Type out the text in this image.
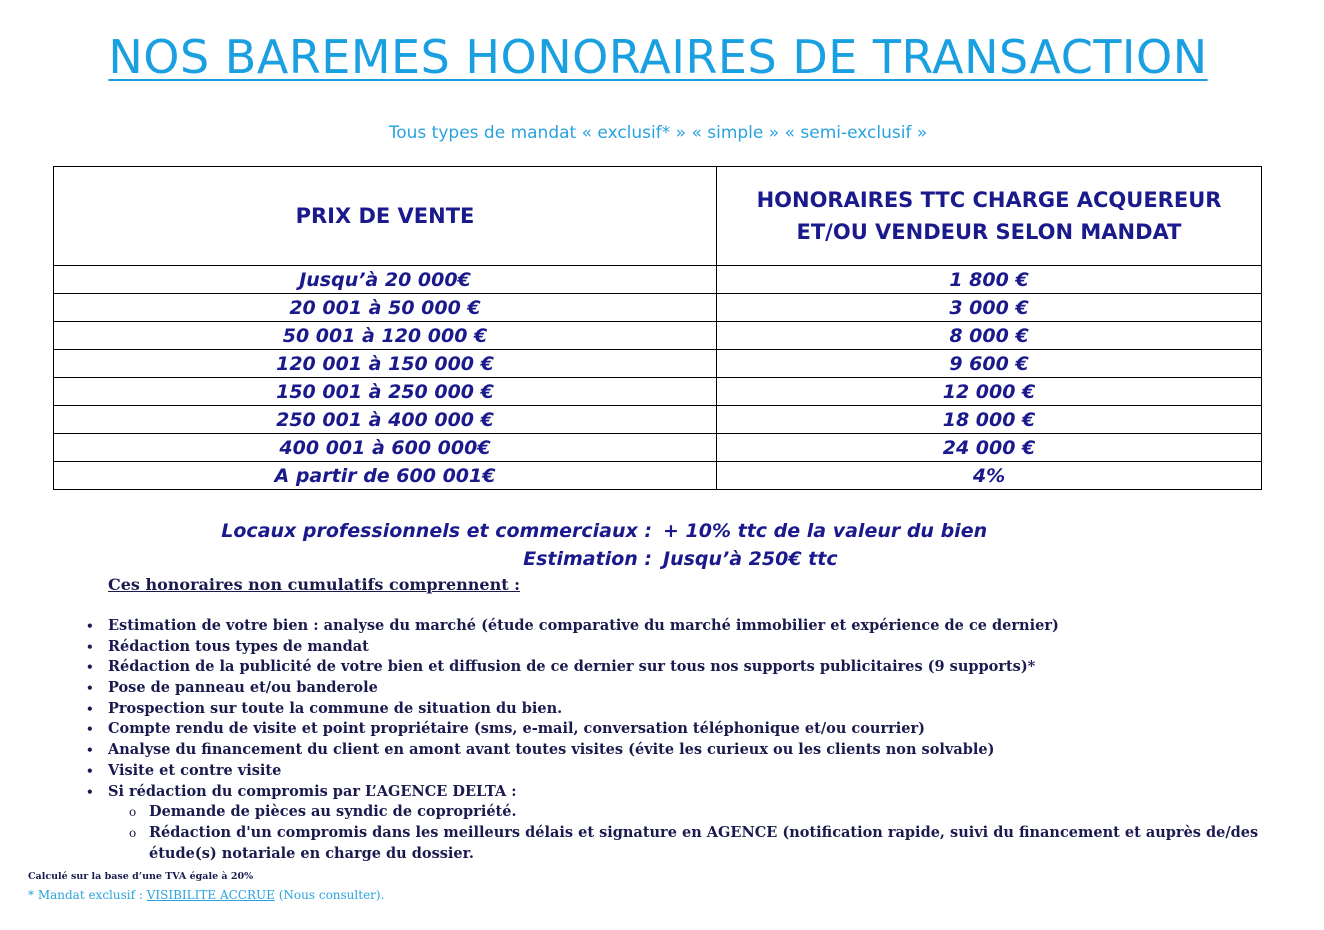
NOS BAREMES HONORAIRES DE TRANSACTION
Tous types de mandat « exclusif* » « simple » « semi-exclusif »
PRIX DE VENTE	HONORAIRES TTC CHARGE ACQUEREUR ET/OU VENDEUR SELON MANDAT
Jusqu’à 20 000€	1 800 €
20 001 à 50 000 €	3 000 €
50 001 à 120 000 €	8 000 €
120 001 à 150 000 €	9 600 €
150 001 à 250 000 €	12 000 €
250 001 à 400 000 €	18 000 €
400 001 à 600 000€	24 000 €
A partir de 600 001€	4%
Locaux professionnels et commerciaux : + 10% ttc de la valeur du bien
Estimation : Jusqu’à 250€ ttc
Ces honoraires non cumulatifs comprennent :
• Estimation de votre bien : analyse du marché (étude comparative du marché immobilier et expérience de ce dernier)
• Rédaction tous types de mandat
• Rédaction de la publicité de votre bien et diffusion de ce dernier sur tous nos supports publicitaires (9 supports)*
• Pose de panneau et/ou banderole
• Prospection sur toute la commune de situation du bien.
• Compte rendu de visite et point propriétaire (sms, e-mail, conversation téléphonique et/ou courrier)
• Analyse du financement du client en amont avant toutes visites (évite les curieux ou les clients non solvable)
• Visite et contre visite
• Si rédaction du compromis par L’AGENCE DELTA :
o Demande de pièces au syndic de copropriété.
o Rédaction d'un compromis dans les meilleurs délais et signature en AGENCE (notification rapide, suivi du financement et auprès de/des étude(s) notariale en charge du dossier.
Calculé sur la base d’une TVA égale à 20%
* Mandat exclusif : VISIBILITE ACCRUE (Nous consulter).
